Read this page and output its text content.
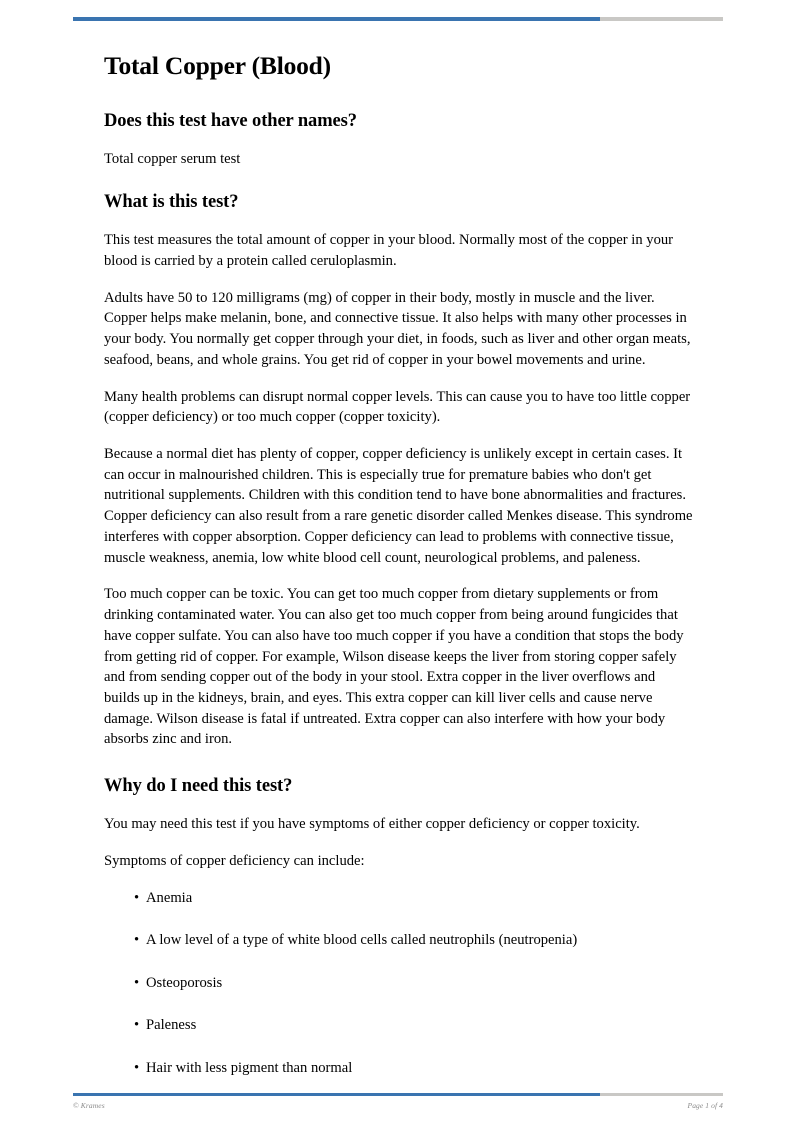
Total Copper (Blood)
Does this test have other names?

Total copper serum test

What is this test?

This test measures the total amount of copper in your blood. Normally most of the copper in your blood is carried by a protein called ceruloplasmin.

Adults have 50 to 120 milligrams (mg) of copper in their body, mostly in muscle and the liver. Copper helps make melanin, bone, and connective tissue. It also helps with many other processes in your body. You normally get copper through your diet, in foods, such as liver and other organ meats, seafood, beans, and whole grains. You get rid of copper in your bowel movements and urine.

Many health problems can disrupt normal copper levels. This can cause you to have too little copper (copper deficiency) or too much copper (copper toxicity).

Because a normal diet has plenty of copper, copper deficiency is unlikely except in certain cases. It can occur in malnourished children. This is especially true for premature babies who don't get nutritional supplements. Children with this condition tend to have bone abnormalities and fractures. Copper deficiency can also result from a rare genetic disorder called Menkes disease. This syndrome interferes with copper absorption. Copper deficiency can lead to problems with connective tissue, muscle weakness, anemia, low white blood cell count, neurological problems, and paleness.

Too much copper can be toxic. You can get too much copper from dietary supplements or from drinking contaminated water. You can also get too much copper from being around fungicides that have copper sulfate. You can also have too much copper if you have a condition that stops the body from getting rid of copper. For example, Wilson disease keeps the liver from storing copper safely and from sending copper out of the body in your stool. Extra copper in the liver overflows and builds up in the kidneys, brain, and eyes. This extra copper can kill liver cells and cause nerve damage. Wilson disease is fatal if untreated. Extra copper can also interfere with how your body absorbs zinc and iron.

Why do I need this test?

You may need this test if you have symptoms of either copper deficiency or copper toxicity.

Symptoms of copper deficiency can include:

• Anemia
• A low level of a type of white blood cells called neutrophils (neutropenia)
• Osteoporosis
• Paleness
• Hair with less pigment than normal
© Krames	Page 1 of 4
